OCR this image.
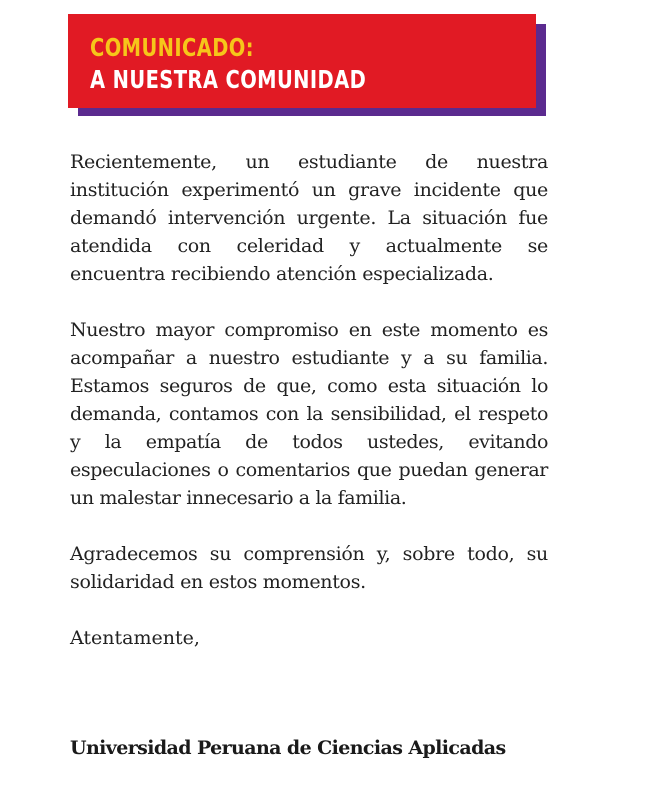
COMUNICADO:
A NUESTRA COMUNIDAD

Recientemente, un estudiante de nuestra institución experimentó un grave incidente que demandó intervención urgente. La situación fue atendida con celeridad y actualmente se encuentra recibiendo atención especializada.

Nuestro mayor compromiso en este momento es acompañar a nuestro estudiante y a su familia. Estamos seguros de que, como esta situación lo demanda, contamos con la sensibilidad, el respeto y la empatía de todos ustedes, evitando especulaciones o comentarios que puedan generar un malestar innecesario a la familia.

Agradecemos su comprensión y, sobre todo, su solidaridad en estos momentos.

Atentamente,

Universidad Peruana de Ciencias Aplicadas
